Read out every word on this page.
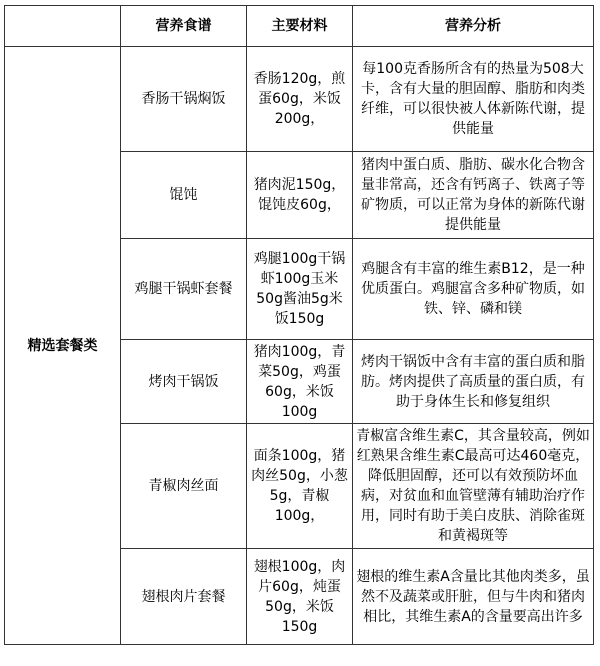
	营养食谱	主要材料	营养分析
精选套餐类	香肠干锅焖饭	香肠120g，煎蛋60g，米饭200g，	每100克香肠所含有的热量为508大卡，含有大量的胆固醇、脂肪和肉类纤维，可以很快被人体新陈代谢，提供能量
	馄饨	猪肉泥150g，馄饨皮60g，	猪肉中蛋白质、脂肪、碳水化合物含量非常高，还含有钙离子、铁离子等矿物质，可以正常为身体的新陈代谢提供能量
	鸡腿干锅虾套餐	鸡腿100g干锅虾100g玉米50g酱油5g米饭150g	鸡腿含有丰富的维生素B12，是一种优质蛋白。鸡腿富含多种矿物质，如铁、锌、磷和镁
	烤肉干锅饭	猪肉100g，青菜50g，鸡蛋60g，米饭100g	烤肉干锅饭中含有丰富的蛋白质和脂肪。烤肉提供了高质量的蛋白质，有助于身体生长和修复组织
	青椒肉丝面	面条100g，猪肉丝50g，小葱5g，青椒100g，	青椒富含维生素C，其含量较高，例如红熟果含维生素C最高可达460毫克，降低胆固醇，还可以有效预防坏血病，对贫血和血管壁薄有辅助治疗作用，同时有助于美白皮肤、消除雀斑和黄褐斑等
	翅根肉片套餐	翅根100g，肉片60g，炖蛋50g，米饭150g	翅根的维生素A含量比其他肉类多，虽然不及蔬菜或肝脏，但与牛肉和猪肉相比，其维生素A的含量要高出许多
